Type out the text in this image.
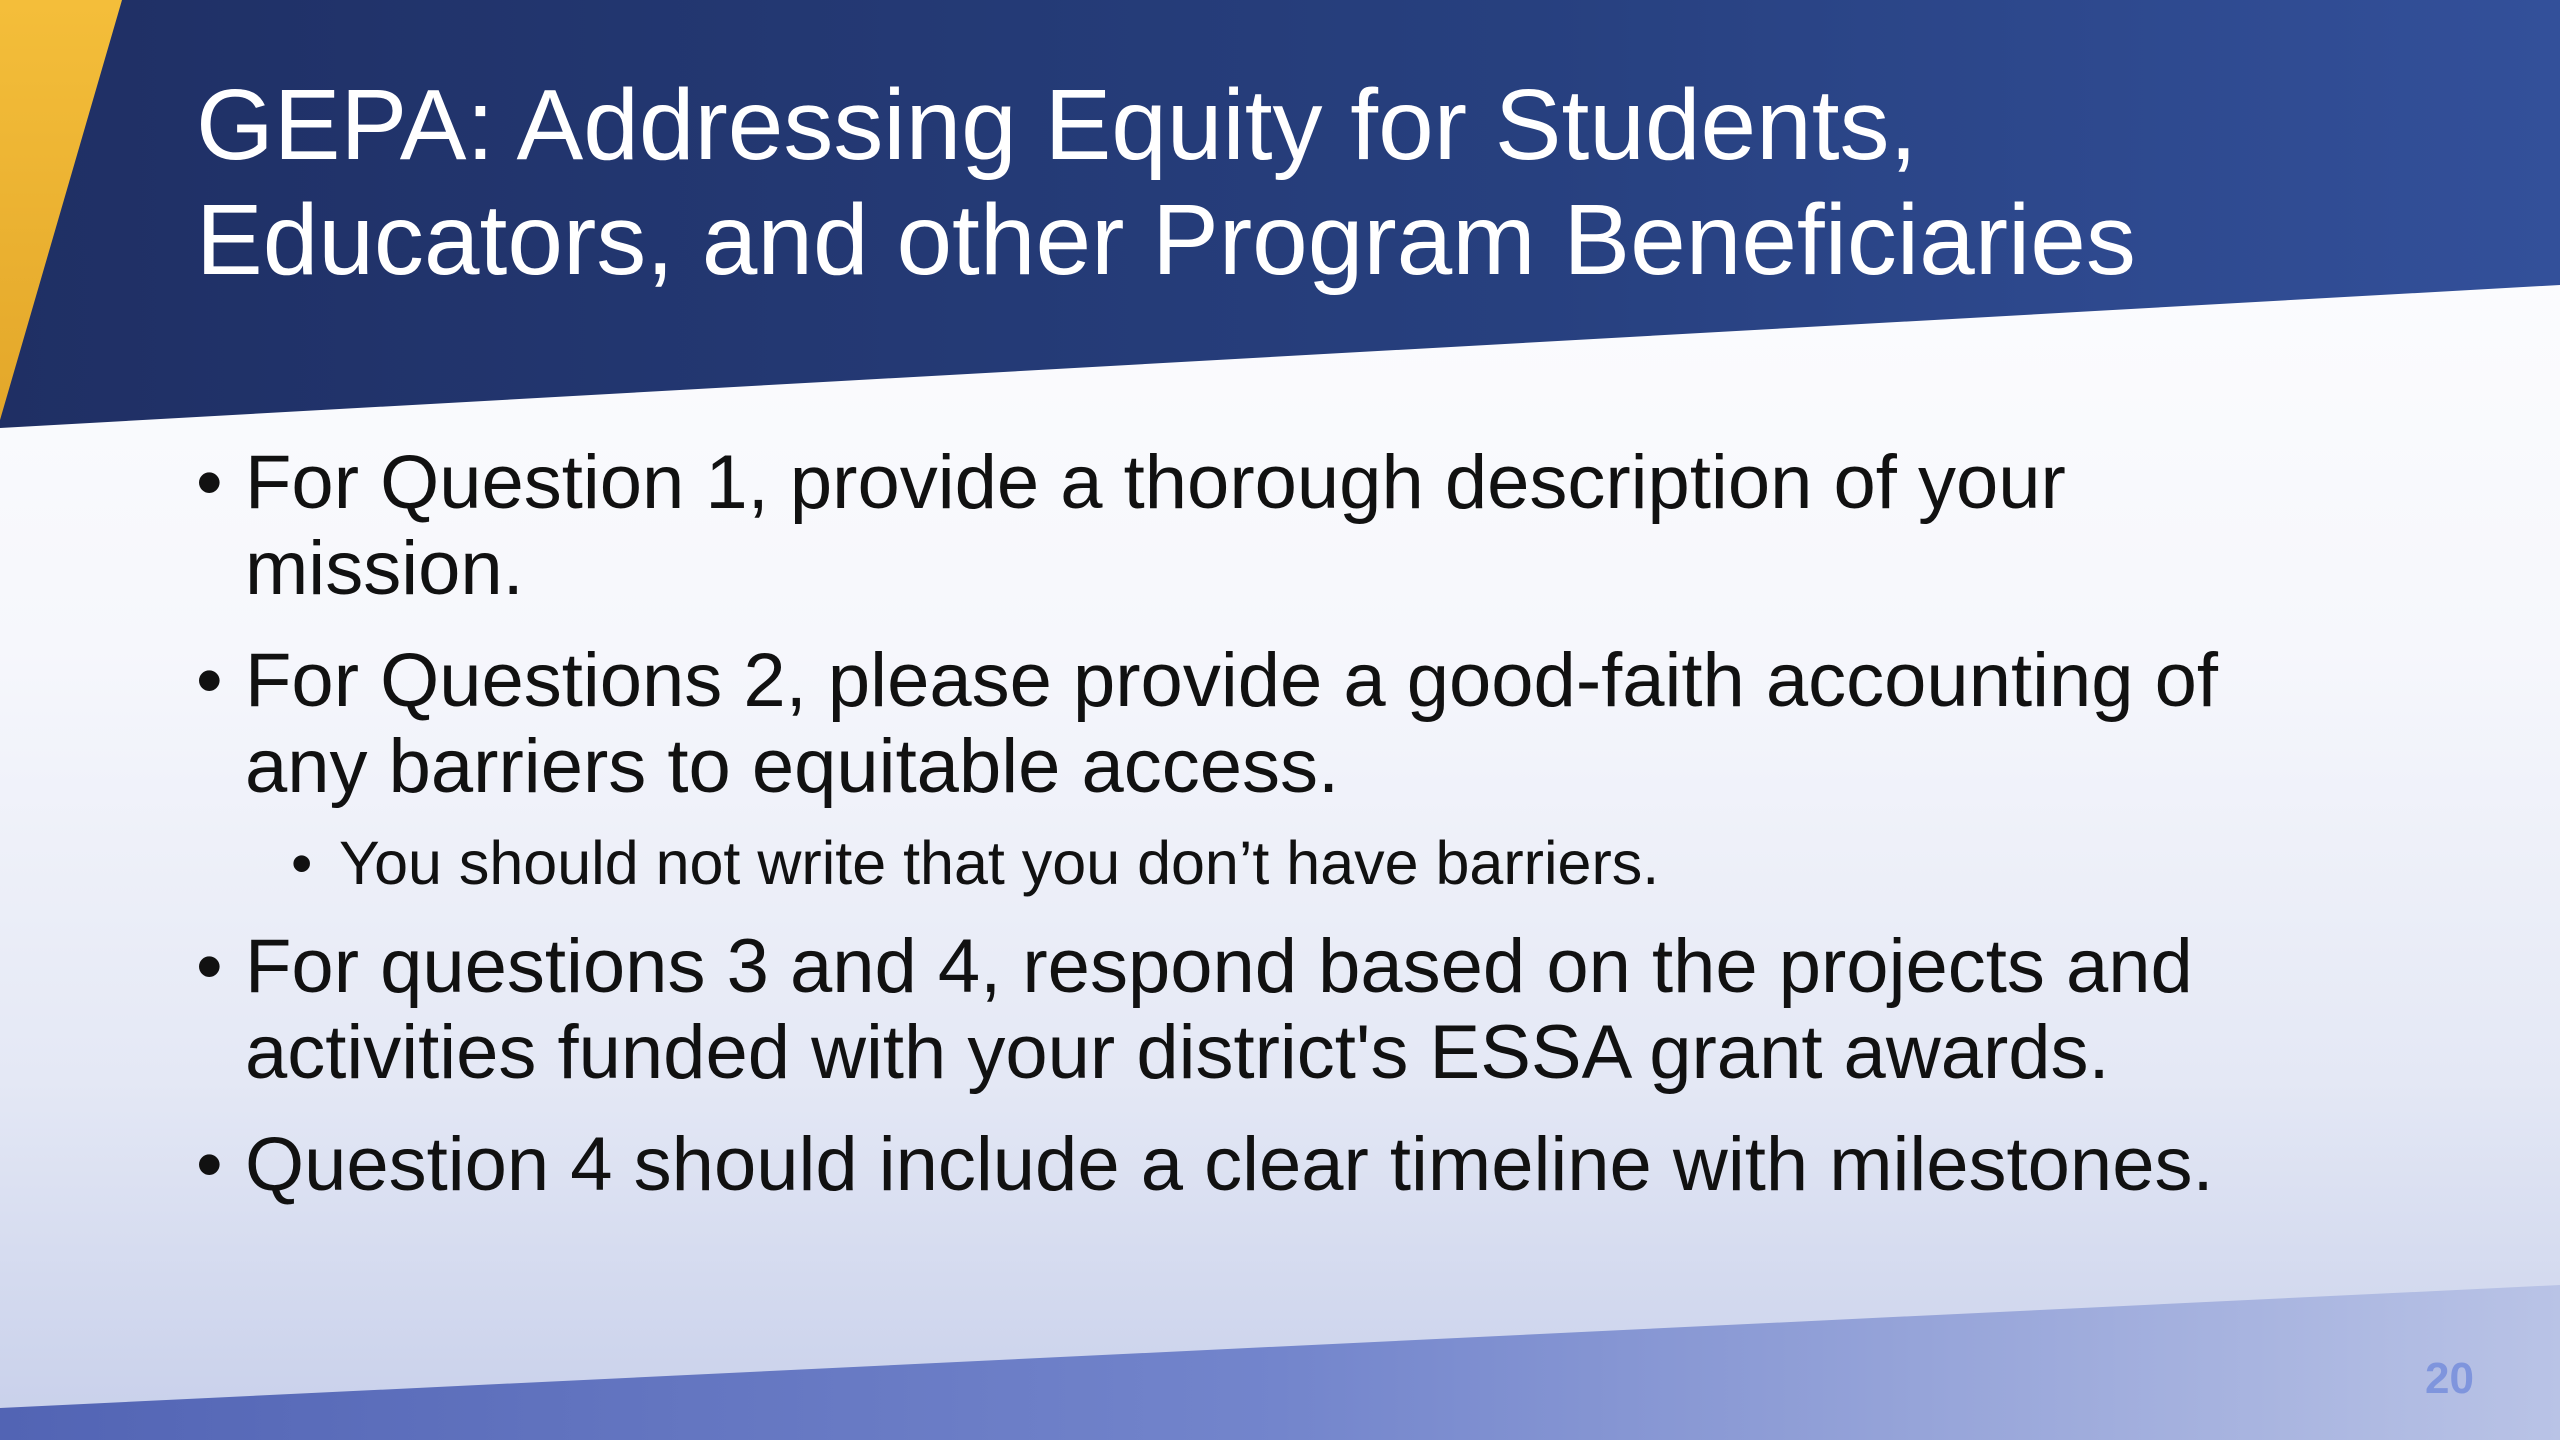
GEPA: Addressing Equity for Students,
Educators, and other Program Beneficiaries
• For Question 1, provide a thorough description of your
mission.
• For Questions 2, please provide a good-faith accounting of
any barriers to equitable access.
• You should not write that you don’t have barriers.
• For questions 3 and 4, respond based on the projects and
activities funded with your district's ESSA grant awards.
• Question 4 should include a clear timeline with milestones.
20
